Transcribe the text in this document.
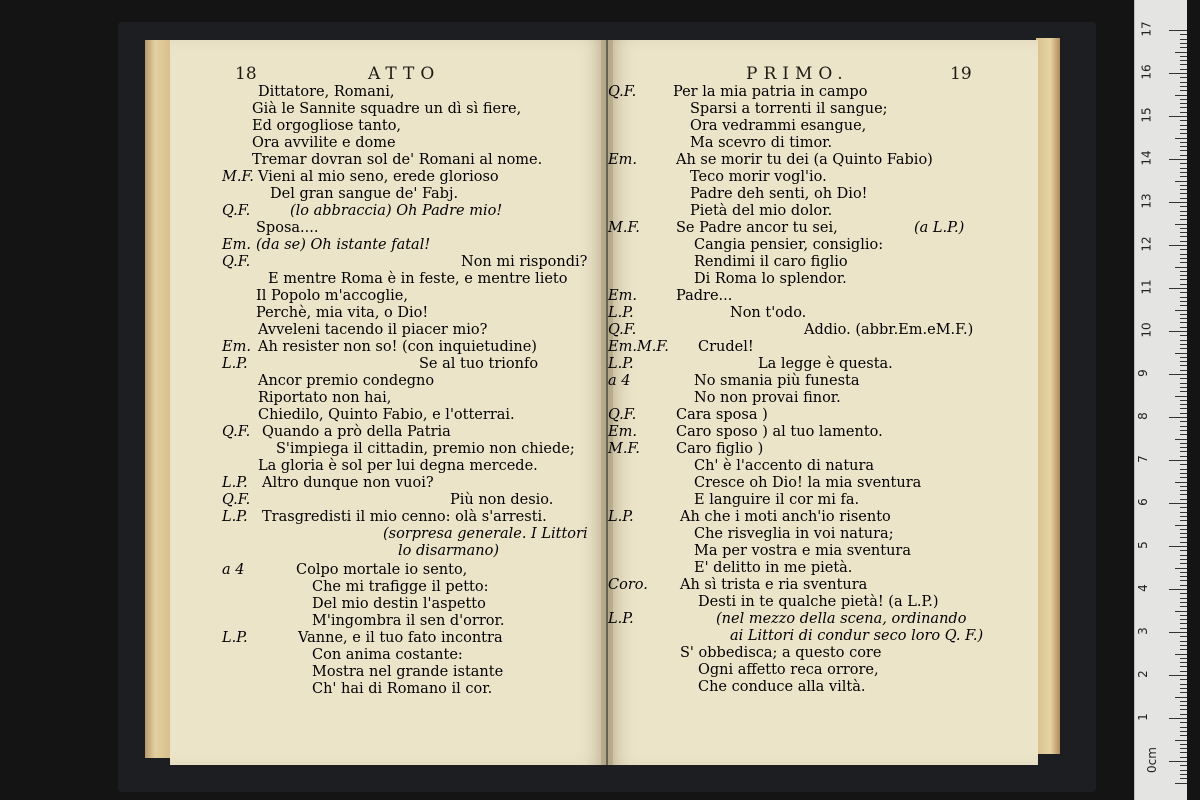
18	ATTO	PRIMO.	19
Dittatore, Romani,
Già le Sannite squadre un dì sì fiere,
Ed orgogliose tanto,
Ora avvilite e dome
Tremar dovran sol de' Romani al nome.
M.F. Vieni al mio seno, erede glorioso
Del gran sangue de' Fabj.
Q.F.	(lo abbraccia) Oh Padre mio!
Sposa....
Em. (da se) Oh istante fatal!
Q.F.	Non mi rispondi?
E mentre Roma è in feste, e mentre lieto
Il Popolo m'accoglie,
Perchè, mia vita, o Dio!
Avveleni tacendo il piacer mio?
Em. Ah resister non so! (con inquietudine)
L.P.	Se al tuo trionfo
Ancor premio condegno
Riportato non hai,
Chiedilo, Quinto Fabio, e l'otterrai.
Q.F. Quando a prò della Patria
S'impiega il cittadin, premio non chiede;
La gloria è sol per lui degna mercede.
L.P. Altro dunque non vuoi?
Q.F.	Più non desio.
L.P. Trasgredisti il mio cenno: olà s'arresti.
(sorpresa generale. I Littori
lo disarmano)
a 4	Colpo mortale io sento,
Che mi trafigge il petto:
Del mio destin l'aspetto
M'ingombra il sen d'orror.
L.P.	Vanne, e il tuo fato incontra
Con anima costante:
Mostra nel grande istante
Ch' hai di Romano il cor.
Q.F.	Per la mia patria in campo
Sparsi a torrenti il sangue;
Ora vedrammi esangue,
Ma scevro di timor.
Em.	Ah se morir tu dei (a Quinto Fabio)
Teco morir vogl'io.
Padre deh senti, oh Dio!
Pietà del mio dolor.
M.F. Se Padre ancor tu sei,	(a L.P.)
Cangia pensier, consiglio:
Rendimi il caro figlio
Di Roma lo splendor.
Em.	Padre...
L.P.	Non t'odo.
Q.F.	Addio. (abbr.Em.eM.F.)
Em.M.F. Crudel!
L.P.	La legge è questa.
a 4	No smania più funesta
No non provai finor.
Q.F.	Cara sposa )
Em.	Caro sposo ) al tuo lamento.
M.F. Caro figlio )
Ch' è l'accento di natura
Cresce oh Dio! la mia sventura
E languire il cor mi fa.
L.P.	Ah che i moti anch'io risento
Che risveglia in voi natura;
Ma per vostra e mia sventura
E' delitto in me pietà.
Coro. Ah sì trista e ria sventura
Desti in te qualche pietà! (a L.P.)
L.P.	(nel mezzo della scena, ordinando
ai Littori di condur seco loro Q. F.)
S' obbedisca; a questo core
Ogni affetto reca orrore,
Che conduce alla viltà.
17
16
15
14
13
12
11
10
9
8
7
6
5
4
3
2
1
0cm
